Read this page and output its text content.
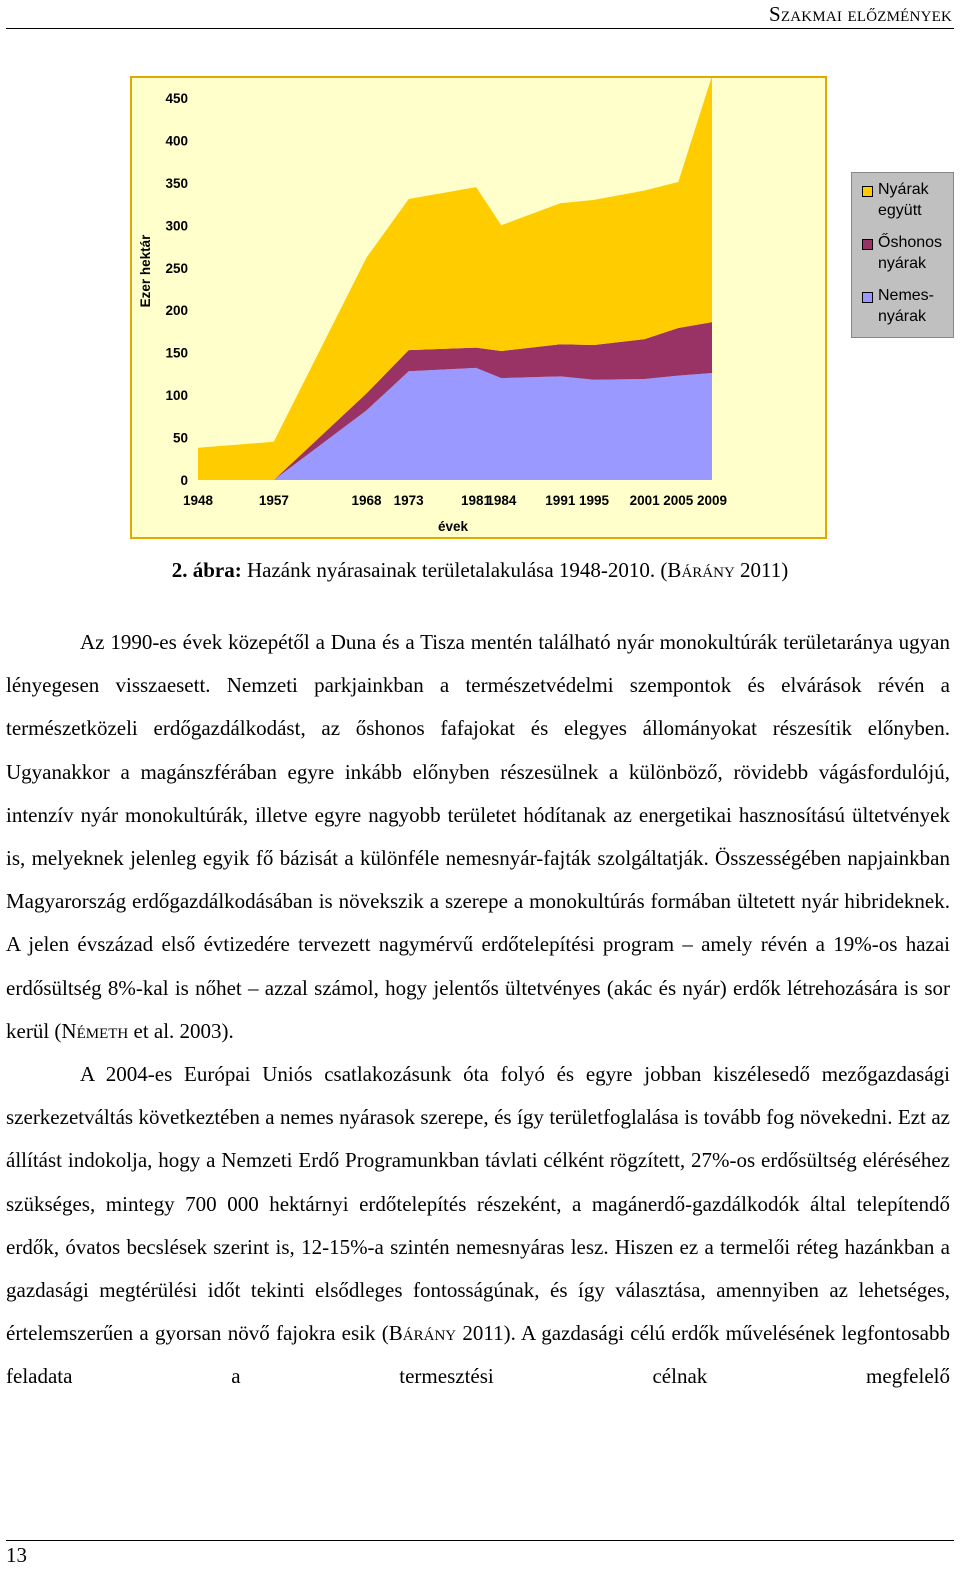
Szakmai előzmények
0
50
100
150
200
250
300
350
400
450
1948	1957	1968 1973	1981
1984 1991 1995 2001 2005 2009
Ezer hektár
évek
Nyárak
együtt
Őshonos
nyárak
Nemes-
nyárak
2. ábra: Hazánk nyárasainak területalakulása 1948-2010. (Bárány 2011)

Az 1990-es évek közepétől a Duna és a Tisza mentén található nyár monokultúrák területaránya ugyan lényegesen visszaesett. Nemzeti parkjainkban a természetvédelmi szempontok és elvárások révén a természetközeli erdőgazdálkodást, az őshonos fafajokat és elegyes állományokat részesítik előnyben. Ugyanakkor a magánszférában egyre inkább előnyben részesülnek a különböző, rövidebb vágásfordulójú, intenzív nyár monokultúrák, illetve egyre nagyobb területet hódítanak az energetikai hasznosítású ültetvények is, melyeknek jelenleg egyik fő bázisát a különféle nemesnyár-fajták szolgáltatják. Összességében napjainkban Magyarország erdőgazdálkodásában is növekszik a szerepe a monokultúrás formában ültetett nyár hibrideknek. A jelen évszázad első évtizedére tervezett nagymérvű erdőtelepítési program – amely révén a 19%-os hazai erdősültség 8%-kal is nőhet – azzal számol, hogy jelentős ültetvényes (akác és nyár) erdők létrehozására is sor kerül (Németh et al. 2003).

A 2004-es Európai Uniós csatlakozásunk óta folyó és egyre jobban kiszélesedő mezőgazdasági szerkezetváltás következtében a nemes nyárasok szerepe, és így területfoglalása is tovább fog növekedni. Ezt az állítást indokolja, hogy a Nemzeti Erdő Programunkban távlati célként rögzített, 27%-os erdősültség eléréséhez szükséges, mintegy 700 000 hektárnyi erdőtelepítés részeként, a magánerdő-gazdálkodók által telepítendő erdők, óvatos becslések szerint is, 12-15%-a szintén nemesnyáras lesz. Hiszen ez a termelői réteg hazánkban a gazdasági megtérülési időt tekinti elsődleges fontosságúnak, és így választása, amennyiben az lehetséges, értelemszerűen a gyorsan növő fajokra esik (Bárány 2011). A gazdasági célú erdők művelésének legfontosabb feladata a termesztési célnak megfelelő

13
